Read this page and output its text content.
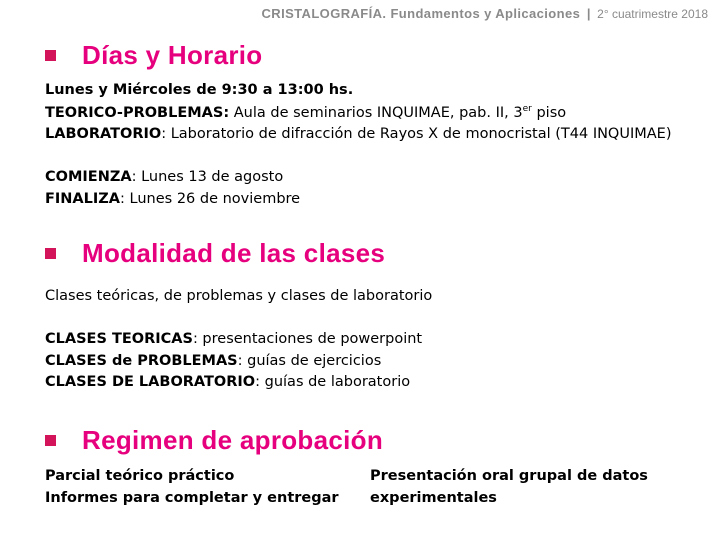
CRISTALOGRAFÍA. Fundamentos y Aplicaciones | 2° cuatrimestre 2018
Días y Horario
Lunes y Miércoles de 9:30 a 13:00 hs.
TEORICO-PROBLEMAS: Aula de seminarios INQUIMAE, pab. II, 3er piso
LABORATORIO: Laboratorio de difracción de Rayos X de monocristal (T44 INQUIMAE)
COMIENZA: Lunes 13 de agosto
FINALIZA: Lunes 26 de noviembre
Modalidad de las clases
Clases teóricas, de problemas y clases de laboratorio
CLASES TEORICAS: presentaciones de powerpoint
CLASES de PROBLEMAS: guías de ejercicios
CLASES DE LABORATORIO: guías de laboratorio
Regimen de aprobación
Parcial teórico práctico
Informes para completar y entregar
Presentación oral grupal de datos
experimentales
